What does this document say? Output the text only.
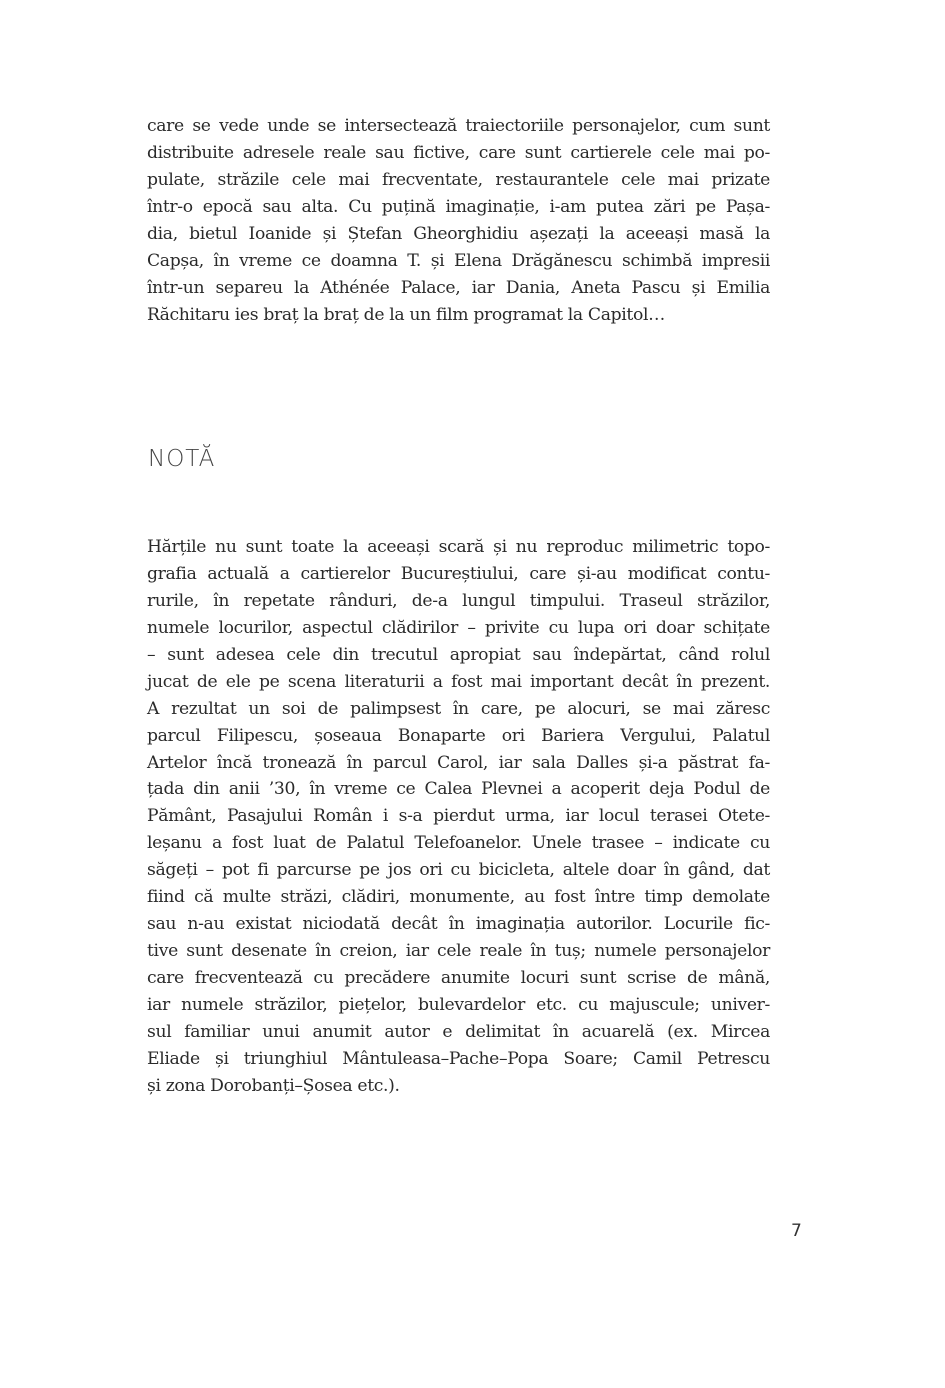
care se vede unde se intersectează traiectoriile personajelor, cum sunt
distribuite adresele reale sau fictive, care sunt cartierele cele mai po-
pulate, străzile cele mai frecventate, restaurantele cele mai prizate
într-o epocă sau alta. Cu puțină imaginație, i-am putea zări pe Pașa-
dia, bietul Ioanide și Ștefan Gheorghidiu așezați la aceeași masă la
Capșa, în vreme ce doamna T. și Elena Drăgănescu schimbă impresii
într-un separeu la Athénée Palace, iar Dania, Aneta Pascu și Emilia
Răchitaru ies braț la braț de la un film programat la Capitol…
NOTĂ
Hărțile nu sunt toate la aceeași scară și nu reproduc milimetric topo-
grafia actuală a cartierelor Bucureștiului, care și-au modificat contu-
rurile, în repetate rânduri, de-a lungul timpului. Traseul străzilor,
numele locurilor, aspectul clădirilor – privite cu lupa ori doar schițate
– sunt adesea cele din trecutul apropiat sau îndepărtat, când rolul
jucat de ele pe scena literaturii a fost mai important decât în prezent.
A rezultat un soi de palimpsest în care, pe alocuri, se mai zăresc
parcul Filipescu, șoseaua Bonaparte ori Bariera Vergului, Palatul
Artelor încă tronează în parcul Carol, iar sala Dalles și-a păstrat fa-
țada din anii ’30, în vreme ce Calea Plevnei a acoperit deja Podul de
Pământ, Pasajului Român i s-a pierdut urma, iar locul terasei Otete-
leșanu a fost luat de Palatul Telefoanelor. Unele trasee – indicate cu
săgeți – pot fi parcurse pe jos ori cu bicicleta, altele doar în gând, dat
fiind că multe străzi, clădiri, monumente, au fost între timp demolate
sau n-au existat niciodată decât în imaginația autorilor. Locurile fic-
tive sunt desenate în creion, iar cele reale în tuș; numele personajelor
care frecventează cu precădere anumite locuri sunt scrise de mână,
iar numele străzilor, piețelor, bulevardelor etc. cu majuscule; univer-
sul familiar unui anumit autor e delimitat în acuarelă (ex. Mircea
Eliade și triunghiul Mântuleasa–Pache–Popa Soare; Camil Petrescu
și zona Dorobanți–Șosea etc.).
7
